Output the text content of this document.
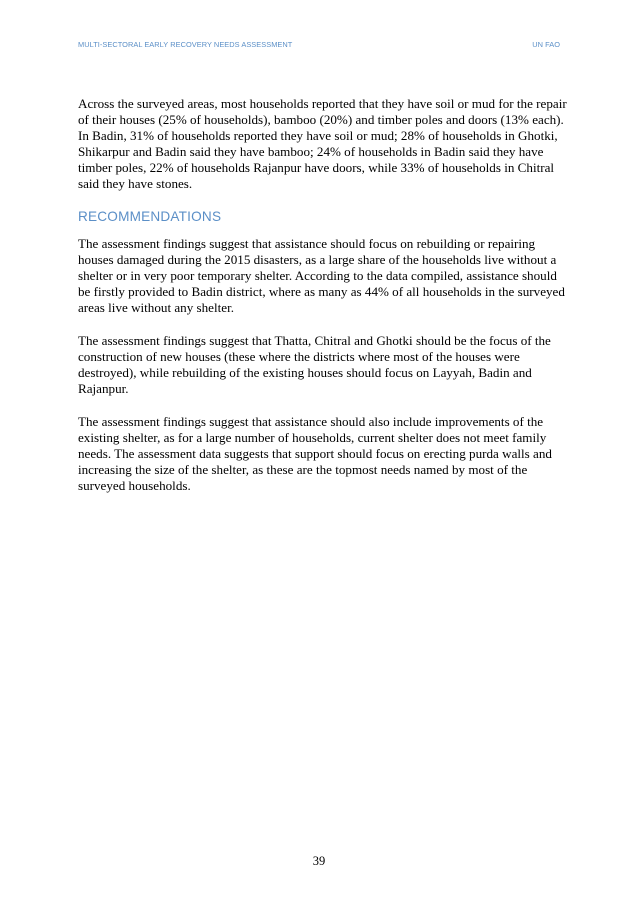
MULTI-SECTORAL EARLY RECOVERY NEEDS ASSESSMENT	UN FAO

Across the surveyed areas, most households reported that they have soil or mud for the repair
of their houses (25% of households), bamboo (20%) and timber poles and doors (13% each).
In Badin, 31% of households reported they have soil or mud; 28% of households in Ghotki,
Shikarpur and Badin said they have bamboo; 24% of households in Badin said they have
timber poles, 22% of households Rajanpur have doors, while 33% of households in Chitral
said they have stones.

RECOMMENDATIONS

The assessment findings suggest that assistance should focus on rebuilding or repairing
houses damaged during the 2015 disasters, as a large share of the households live without a
shelter or in very poor temporary shelter. According to the data compiled, assistance should
be firstly provided to Badin district, where as many as 44% of all households in the surveyed
areas live without any shelter.

The assessment findings suggest that Thatta, Chitral and Ghotki should be the focus of the
construction of new houses (these where the districts where most of the houses were
destroyed), while rebuilding of the existing houses should focus on Layyah, Badin and
Rajanpur.

The assessment findings suggest that assistance should also include improvements of the
existing shelter, as for a large number of households, current shelter does not meet family
needs. The assessment data suggests that support should focus on erecting purda walls and
increasing the size of the shelter, as these are the topmost needs named by most of the
surveyed households.

39
